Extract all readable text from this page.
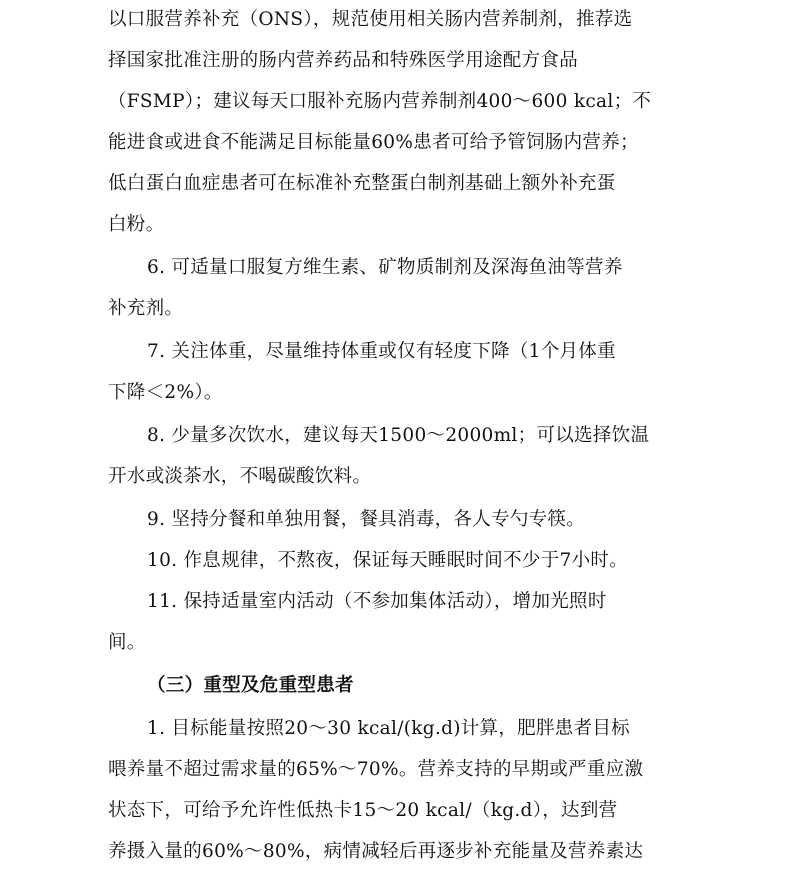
以口服营养补充（ONS），规范使用相关肠内营养制剂，推荐选
择国家批准注册的肠内营养药品和特殊医学用途配方食品
（FSMP）；建议每天口服补充肠内营养制剂400～600 kcal；不
能进食或进食不能满足目标能量60%患者可给予管饲肠内营养；
低白蛋白血症患者可在标准补充整蛋白制剂基础上额外补充蛋
白粉。
6. 可适量口服复方维生素、矿物质制剂及深海鱼油等营养
补充剂。
7. 关注体重，尽量维持体重或仅有轻度下降（1个月体重
下降＜2%）。
8. 少量多次饮水，建议每天1500～2000ml；可以选择饮温
开水或淡茶水，不喝碳酸饮料。
9. 坚持分餐和单独用餐，餐具消毒，各人专勺专筷。
10. 作息规律，不熬夜，保证每天睡眠时间不少于7小时。
11. 保持适量室内活动（不参加集体活动），增加光照时
间。
（三）重型及危重型患者
1. 目标能量按照20～30 kcal/(kg.d)计算，肥胖患者目标
喂养量不超过需求量的65%～70%。营养支持的早期或严重应激
状态下，可给予允许性低热卡15～20 kcal/（kg.d），达到营
养摄入量的60%～80%，病情减轻后再逐步补充能量及营养素达
